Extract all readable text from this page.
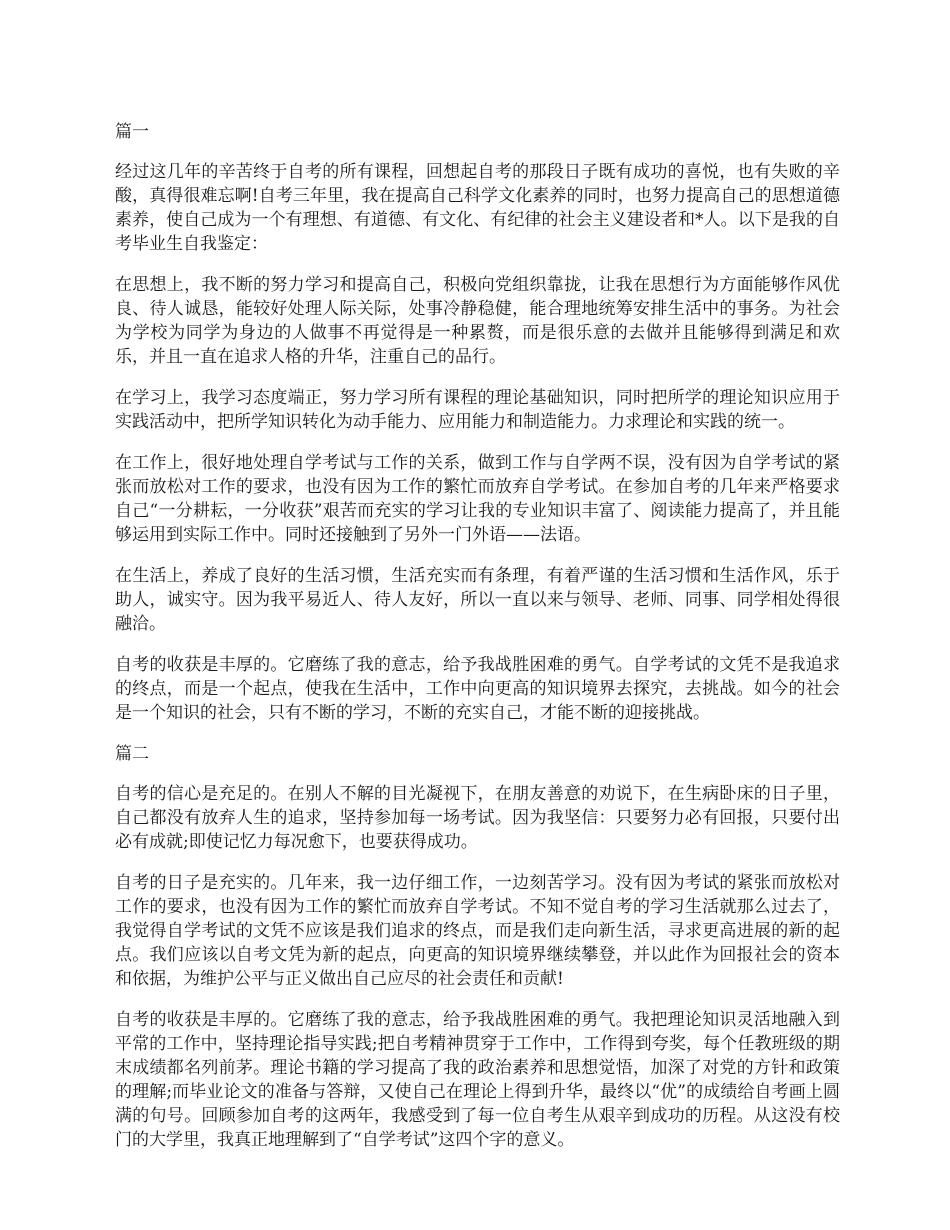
篇一

经过这几年的辛苦终于自考的所有课程，回想起自考的那段日子既有成功的喜悦，也有失败的辛酸，真得很难忘啊!自考三年里，我在提高自己科学文化素养的同时，也努力提高自己的思想道德素养，使自己成为一个有理想、有道德、有文化、有纪律的社会主义建设者和*人。以下是我的自考毕业生自我鉴定：

在思想上，我不断的努力学习和提高自己，积极向党组织靠拢，让我在思想行为方面能够作风优良、待人诚恳，能较好处理人际关际，处事冷静稳健，能合理地统筹安排生活中的事务。为社会为学校为同学为身边的人做事不再觉得是一种累赘，而是很乐意的去做并且能够得到满足和欢乐，并且一直在追求人格的升华，注重自己的品行。

在学习上，我学习态度端正，努力学习所有课程的理论基础知识，同时把所学的理论知识应用于实践活动中，把所学知识转化为动手能力、应用能力和制造能力。力求理论和实践的统一。

在工作上，很好地处理自学考试与工作的关系，做到工作与自学两不误，没有因为自学考试的紧张而放松对工作的要求，也没有因为工作的繁忙而放弃自学考试。在参加自考的几年来严格要求自己“一分耕耘，一分收获”艰苦而充实的学习让我的专业知识丰富了、阅读能力提高了，并且能够运用到实际工作中。同时还接触到了另外一门外语——法语。

在生活上，养成了良好的生活习惯，生活充实而有条理，有着严谨的生活习惯和生活作风，乐于助人，诚实守。因为我平易近人、待人友好，所以一直以来与领导、老师、同事、同学相处得很融洽。

自考的收获是丰厚的。它磨练了我的意志，给予我战胜困难的勇气。自学考试的文凭不是我追求的终点，而是一个起点，使我在生活中，工作中向更高的知识境界去探究，去挑战。如今的社会是一个知识的社会，只有不断的学习，不断的充实自己，才能不断的迎接挑战。

篇二

自考的信心是充足的。在别人不解的目光凝视下，在朋友善意的劝说下，在生病卧床的日子里，自己都没有放弃人生的追求，坚持参加每一场考试。因为我坚信：只要努力必有回报，只要付出必有成就;即使记忆力每况愈下，也要获得成功。

自考的日子是充实的。几年来，我一边仔细工作，一边刻苦学习。没有因为考试的紧张而放松对工作的要求，也没有因为工作的繁忙而放弃自学考试。不知不觉自考的学习生活就那么过去了，我觉得自学考试的文凭不应该是我们追求的终点，而是我们走向新生活，寻求更高进展的新的起点。我们应该以自考文凭为新的起点，向更高的知识境界继续攀登，并以此作为回报社会的资本和依据，为维护公平与正义做出自己应尽的社会责任和贡献!

自考的收获是丰厚的。它磨练了我的意志，给予我战胜困难的勇气。我把理论知识灵活地融入到平常的工作中，坚持理论指导实践;把自考精神贯穿于工作中，工作得到夸奖，每个任教班级的期末成绩都名列前茅。理论书籍的学习提高了我的政治素养和思想觉悟，加深了对党的方针和政策的理解;而毕业论文的准备与答辩，又使自己在理论上得到升华，最终以“优”的成绩给自考画上圆满的句号。回顾参加自考的这两年，我感受到了每一位自考生从艰辛到成功的历程。从这没有校门的大学里，我真正地理解到了“自学考试”这四个字的意义。
